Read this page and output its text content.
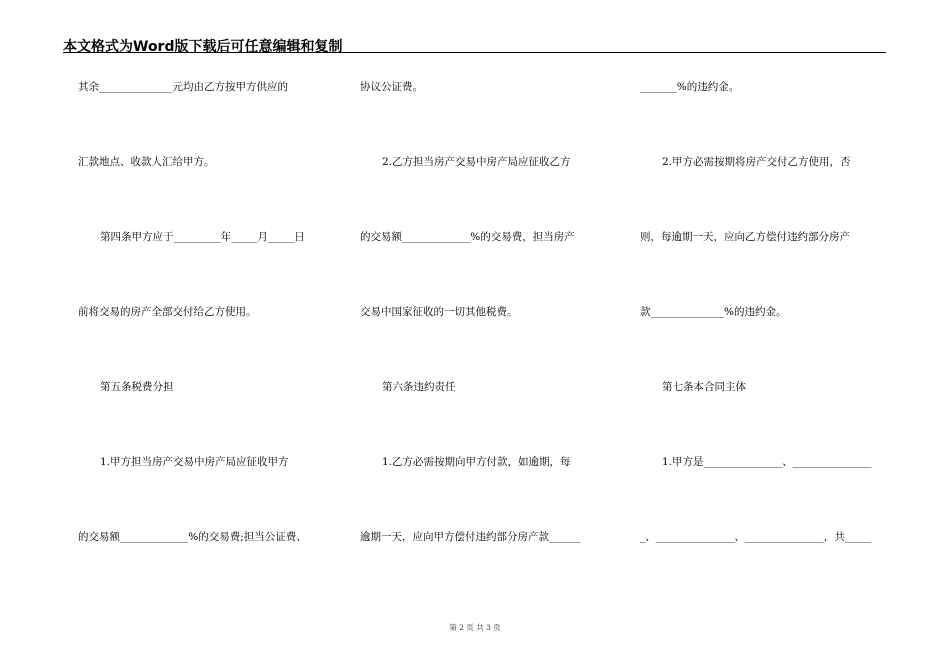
本文格式为Word版下载后可任意编辑和复制
其余______________元均由乙方按甲方供应的
汇款地点、收款人汇给甲方。
第四条甲方应于_________年_____月_____日
前将交易的房产全部交付给乙方使用。
第五条税费分担
1.甲方担当房产交易中房产局应征收甲方
的交易额_____________%的交易费;担当公证费、
协议公证费。
2.乙方担当房产交易中房产局应征收乙方
的交易额_____________%的交易费，担当房产
交易中国家征收的一切其他税费。
第六条违约责任
1.乙方必需按期向甲方付款，如逾期，每
逾期一天，应向甲方偿付违约部分房产款______
_______%的违约金。
2.甲方必需按期将房产交付乙方使用，否
则，每逾期一天，应向乙方偿付违约部分房产
款______________%的违约金。
第七条本合同主体
1.甲方是_______________、_______________
_、_______________、_______________，共_____
第 2 页 共 3 页
